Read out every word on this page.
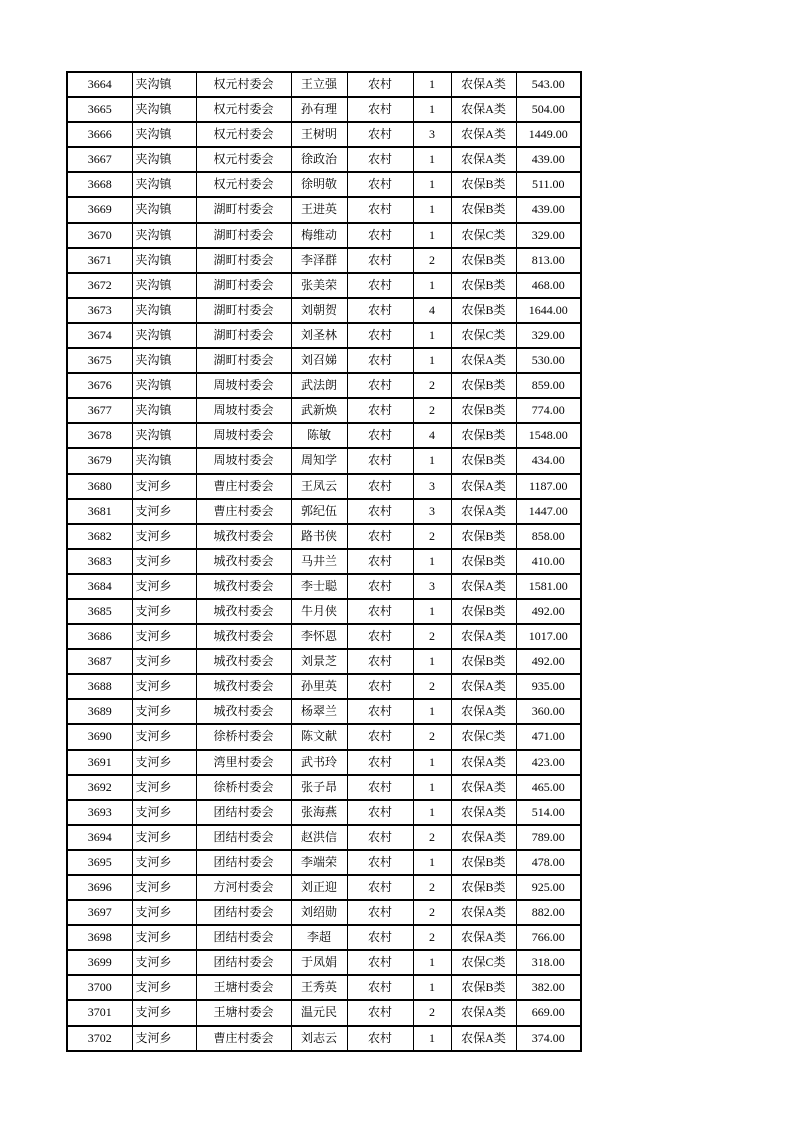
3664	夹沟镇	权元村委会	王立强	农村	1	农保A类	543.00
3665	夹沟镇	权元村委会	孙有理	农村	1	农保A类	504.00
3666	夹沟镇	权元村委会	王树明	农村	3	农保A类	1449.00
3667	夹沟镇	权元村委会	徐政治	农村	1	农保A类	439.00
3668	夹沟镇	权元村委会	徐明敬	农村	1	农保B类	511.00
3669	夹沟镇	湖町村委会	王进英	农村	1	农保B类	439.00
3670	夹沟镇	湖町村委会	梅维动	农村	1	农保C类	329.00
3671	夹沟镇	湖町村委会	李泽群	农村	2	农保B类	813.00
3672	夹沟镇	湖町村委会	张美荣	农村	1	农保B类	468.00
3673	夹沟镇	湖町村委会	刘朝贺	农村	4	农保B类	1644.00
3674	夹沟镇	湖町村委会	刘圣林	农村	1	农保C类	329.00
3675	夹沟镇	湖町村委会	刘召娣	农村	1	农保A类	530.00
3676	夹沟镇	周坡村委会	武法朗	农村	2	农保B类	859.00
3677	夹沟镇	周坡村委会	武新焕	农村	2	农保B类	774.00
3678	夹沟镇	周坡村委会	陈敏	农村	4	农保B类	1548.00
3679	夹沟镇	周坡村委会	周知学	农村	1	农保B类	434.00
3680	支河乡	曹庄村委会	王凤云	农村	3	农保A类	1187.00
3681	支河乡	曹庄村委会	郭纪伍	农村	3	农保A类	1447.00
3682	支河乡	城孜村委会	路书侠	农村	2	农保B类	858.00
3683	支河乡	城孜村委会	马井兰	农村	1	农保B类	410.00
3684	支河乡	城孜村委会	李士聪	农村	3	农保A类	1581.00
3685	支河乡	城孜村委会	牛月侠	农村	1	农保B类	492.00
3686	支河乡	城孜村委会	李怀恩	农村	2	农保A类	1017.00
3687	支河乡	城孜村委会	刘景芝	农村	1	农保B类	492.00
3688	支河乡	城孜村委会	孙里英	农村	2	农保A类	935.00
3689	支河乡	城孜村委会	杨翠兰	农村	1	农保A类	360.00
3690	支河乡	徐桥村委会	陈文献	农村	2	农保C类	471.00
3691	支河乡	湾里村委会	武书玲	农村	1	农保A类	423.00
3692	支河乡	徐桥村委会	张子昂	农村	1	农保A类	465.00
3693	支河乡	团结村委会	张海燕	农村	1	农保A类	514.00
3694	支河乡	团结村委会	赵洪信	农村	2	农保A类	789.00
3695	支河乡	团结村委会	李端荣	农村	1	农保B类	478.00
3696	支河乡	方河村委会	刘正迎	农村	2	农保B类	925.00
3697	支河乡	团结村委会	刘绍勋	农村	2	农保A类	882.00
3698	支河乡	团结村委会	李超	农村	2	农保A类	766.00
3699	支河乡	团结村委会	于凤娟	农村	1	农保C类	318.00
3700	支河乡	王塘村委会	王秀英	农村	1	农保B类	382.00
3701	支河乡	王塘村委会	温元民	农村	2	农保A类	669.00
3702	支河乡	曹庄村委会	刘志云	农村	1	农保A类	374.00
